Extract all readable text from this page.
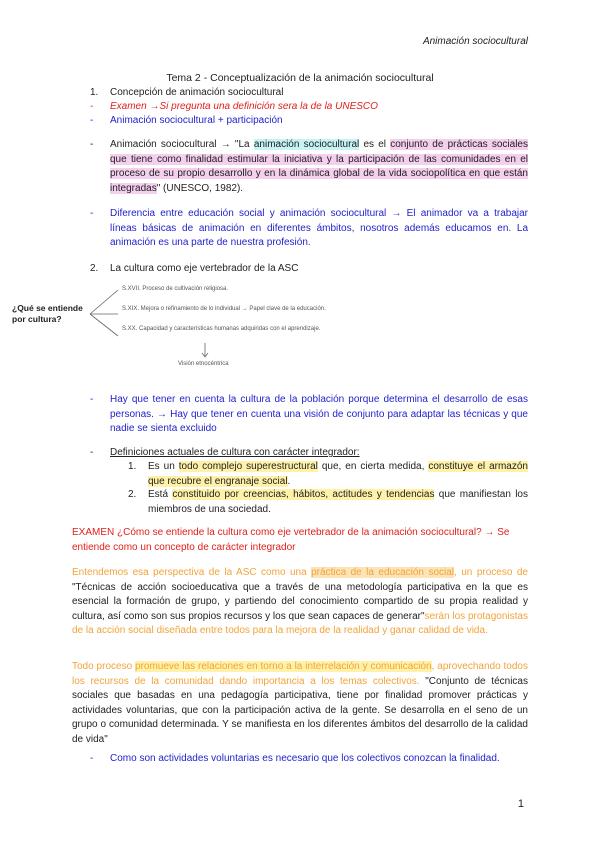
Animación sociocultural
Tema 2 - Conceptualización de la animación sociocultural
1.	Concepción de animación sociocultural
-	Examen →Si pregunta una definición sera la de la UNESCO
-	Animación sociocultural + participación
-	Animación sociocultural → "La animación sociocultural es el conjunto de prácticas sociales que tiene como finalidad estimular la iniciativa y la participación de las comunidades en el proceso de su propio desarrollo y en la dinámica global de la vida sociopolítica en que están integradas" (UNESCO, 1982).
-	Diferencia entre educación social y animación sociocultural → El animador va a trabajar líneas básicas de animación en diferentes ámbitos, nosotros además educamos en. La animación es una parte de nuestra profesión.
2.	La cultura como eje vertebrador de la ASC
¿Qué se entiende por cultura?
S.XVII. Proceso de cultivación religiosa.
S.XIX. Mejora o refinamiento de lo individual → Papel clave de la educación.
S.XX. Capacidad y características humanas adquiridas con el aprendizaje.
Visión etnocéntrica
-	Hay que tener en cuenta la cultura de la población porque determina el desarrollo de esas personas. → Hay que tener en cuenta una visión de conjunto para adaptar las técnicas y que nadie se sienta excluido
-	Definiciones actuales de cultura con carácter integrador:
1.	Es un todo complejo superestructural que, en cierta medida, constituye el armazón que recubre el engranaje social.
2.	Está constituido por creencias, hábitos, actitudes y tendencias que manifiestan los miembros de una sociedad.
EXAMEN ¿Cómo se entiende la cultura como eje vertebrador de la animación sociocultural? → Se entiende como un concepto de carácter integrador
Entendemos esa perspectiva de la ASC como una práctica de la educación social, un proceso de "Técnicas de acción socioeducativa que a través de una metodología participativa en la que es esencial la formación de grupo, y partiendo del conocimiento compartido de su propia realidad y cultura, así como son sus propios recursos y los que sean capaces de generar"serán los protagonistas de la acción social diseñada entre todos para la mejora de la realidad y ganar calidad de vida.
Todo proceso promueve las relaciones en torno a la interrelación y comunicación, aprovechando todos los recursos de la comunidad dando importancia a los temas colectivos. "Conjunto de técnicas sociales que basadas en una pedagogía participativa, tiene por finalidad promover prácticas y actividades voluntarias, que con la participación activa de la gente. Se desarrolla en el seno de un grupo o comunidad determinada. Y se manifiesta en los diferentes ámbitos del desarrollo de la calidad de vida"
-	Como son actividades voluntarias es necesario que los colectivos conozcan la finalidad.
1
